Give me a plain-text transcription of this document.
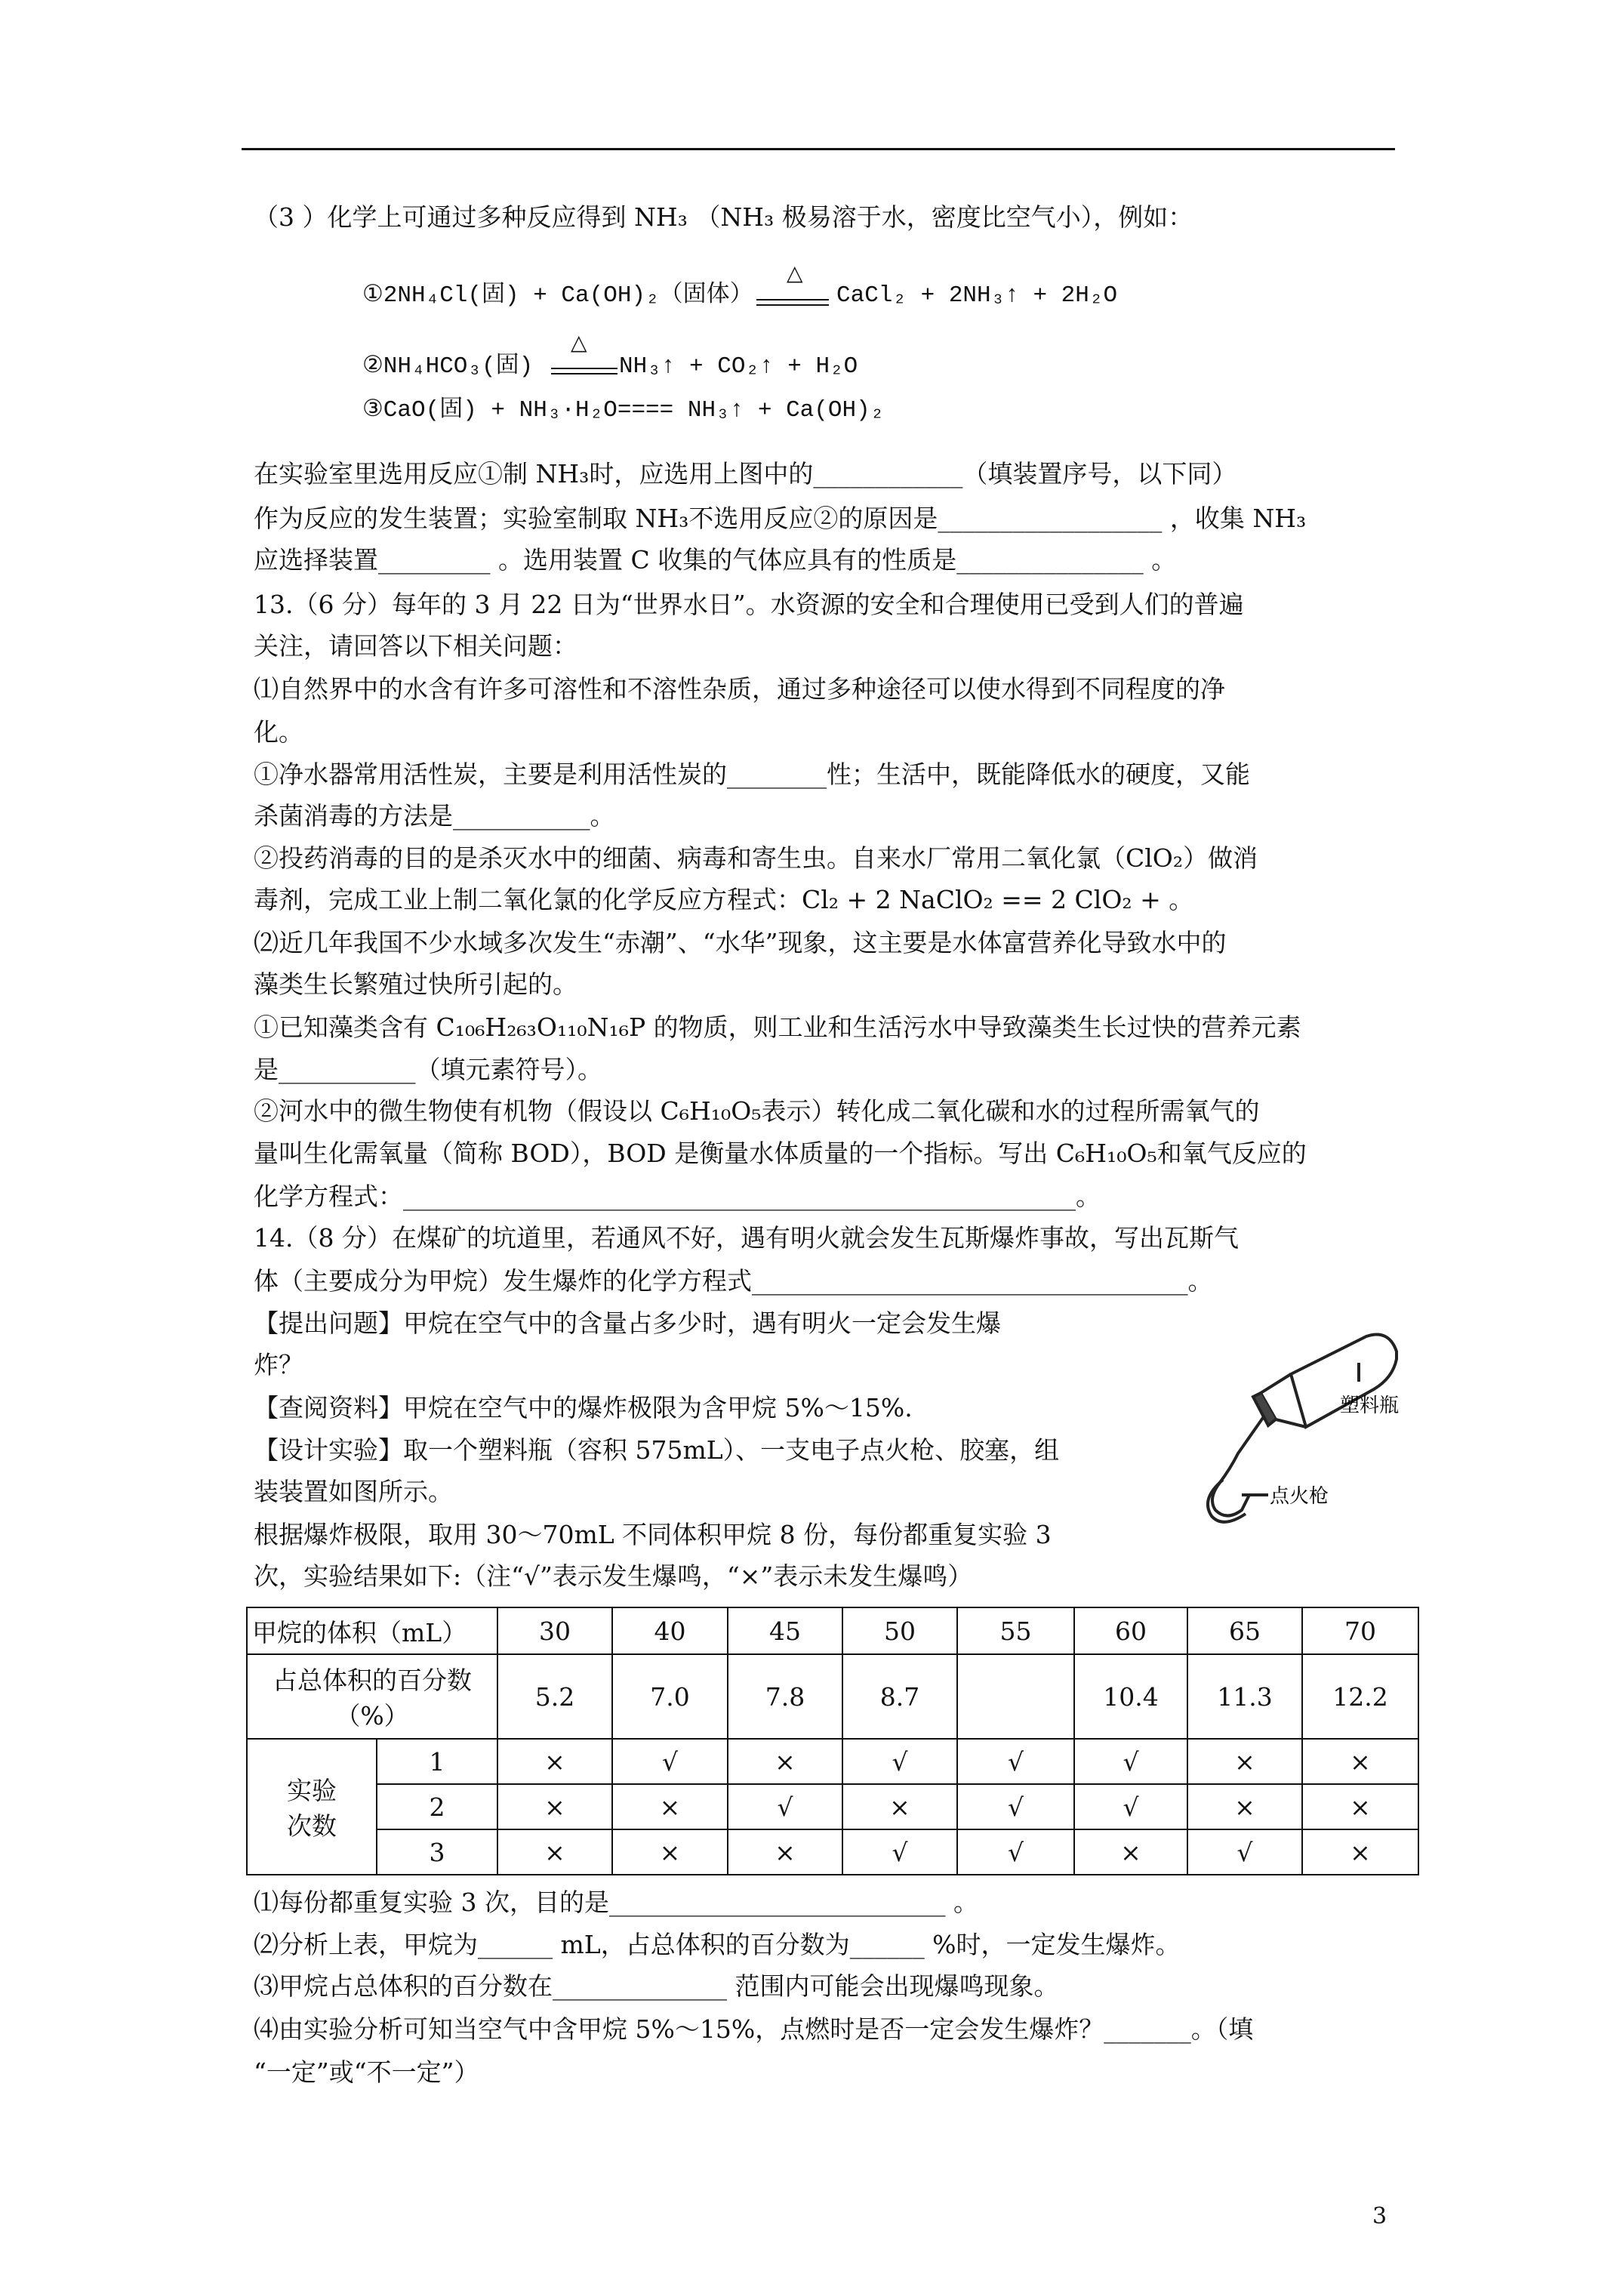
（3 ）化学上可通过多种反应得到 NH₃ （NH₃ 极易溶于水，密度比空气小），例如：
①2NH₄Cl(固) + Ca(OH)₂（固体）
△
CaCl₂ + 2NH₃↑ + 2H₂O
②NH₄HCO₃(固)
△
NH₃↑ + CO₂↑ + H₂O
③CaO(固) + NH₃·H₂O==== NH₃↑ + Ca(OH)₂
在实验室里选用反应①制 NH₃时，应选用上图中的____________（填装置序号，以下同）
作为反应的发生装置；实验室制取 NH₃不选用反应②的原因是__________________ ，收集 NH₃
应选择装置_________ 。选用装置 C 收集的气体应具有的性质是_______________ 。
13.（6 分）每年的 3 月 22 日为“世界水日”。水资源的安全和合理使用已受到人们的普遍
关注，请回答以下相关问题：
⑴自然界中的水含有许多可溶性和不溶性杂质，通过多种途径可以使水得到不同程度的净
化。
①净水器常用活性炭，主要是利用活性炭的________性；生活中，既能降低水的硬度，又能
杀菌消毒的方法是___________。
②投药消毒的目的是杀灭水中的细菌、病毒和寄生虫。自来水厂常用二氧化氯（ClO₂）做消
毒剂，完成工业上制二氧化氯的化学反应方程式：Cl₂ + 2 NaClO₂ == 2 ClO₂ + 。
⑵近几年我国不少水域多次发生“赤潮”、“水华”现象，这主要是水体富营养化导致水中的
藻类生长繁殖过快所引起的。
①已知藻类含有 C₁₀₆H₂₆₃O₁₁₀N₁₆P 的物质，则工业和生活污水中导致藻类生长过快的营养元素
是___________（填元素符号）。
②河水中的微生物使有机物（假设以 C₆H₁₀O₅表示）转化成二氧化碳和水的过程所需氧气的
量叫生化需氧量（简称 BOD），BOD 是衡量水体质量的一个指标。写出 C₆H₁₀O₅和氧气反应的
化学方程式：______________________________________________________。
14.（8 分）在煤矿的坑道里，若通风不好，遇有明火就会发生瓦斯爆炸事故，写出瓦斯气
体（主要成分为甲烷）发生爆炸的化学方程式___________________________________。
【提出问题】甲烷在空气中的含量占多少时，遇有明火一定会发生爆
炸？
【查阅资料】甲烷在空气中的爆炸极限为含甲烷 5%～15%.
【设计实验】取一个塑料瓶（容积 575mL）、一支电子点火枪、胶塞，组
装装置如图所示。
根据爆炸极限，取用 30～70mL 不同体积甲烷 8 份，每份都重复实验 3
次，实验结果如下:（注“√”表示发生爆鸣，“×”表示未发生爆鸣）
塑料瓶
点火枪
甲烷的体积（mL）		30	40	45	50	55	60	65	70

占总体积的百分数
（%）		5.2	7.0	7.8	8.7		10.4	11.3	12.2

实验
次数	1	×	√	×	√	√	√	×	×
	2	×	×	√	×	√	√	×	×
	3	×	×	×	√	√	×	√	×
⑴每份都重复实验 3 次，目的是___________________________ 。
⑵分析上表，甲烷为______ mL，占总体积的百分数为______ %时，一定发生爆炸。
⑶甲烷占总体积的百分数在______________ 范围内可能会出现爆鸣现象。
⑷由实验分析可知当空气中含甲烷 5%～15%，点燃时是否一定会发生爆炸？_______。（填
“一定”或“不一定”）
3
